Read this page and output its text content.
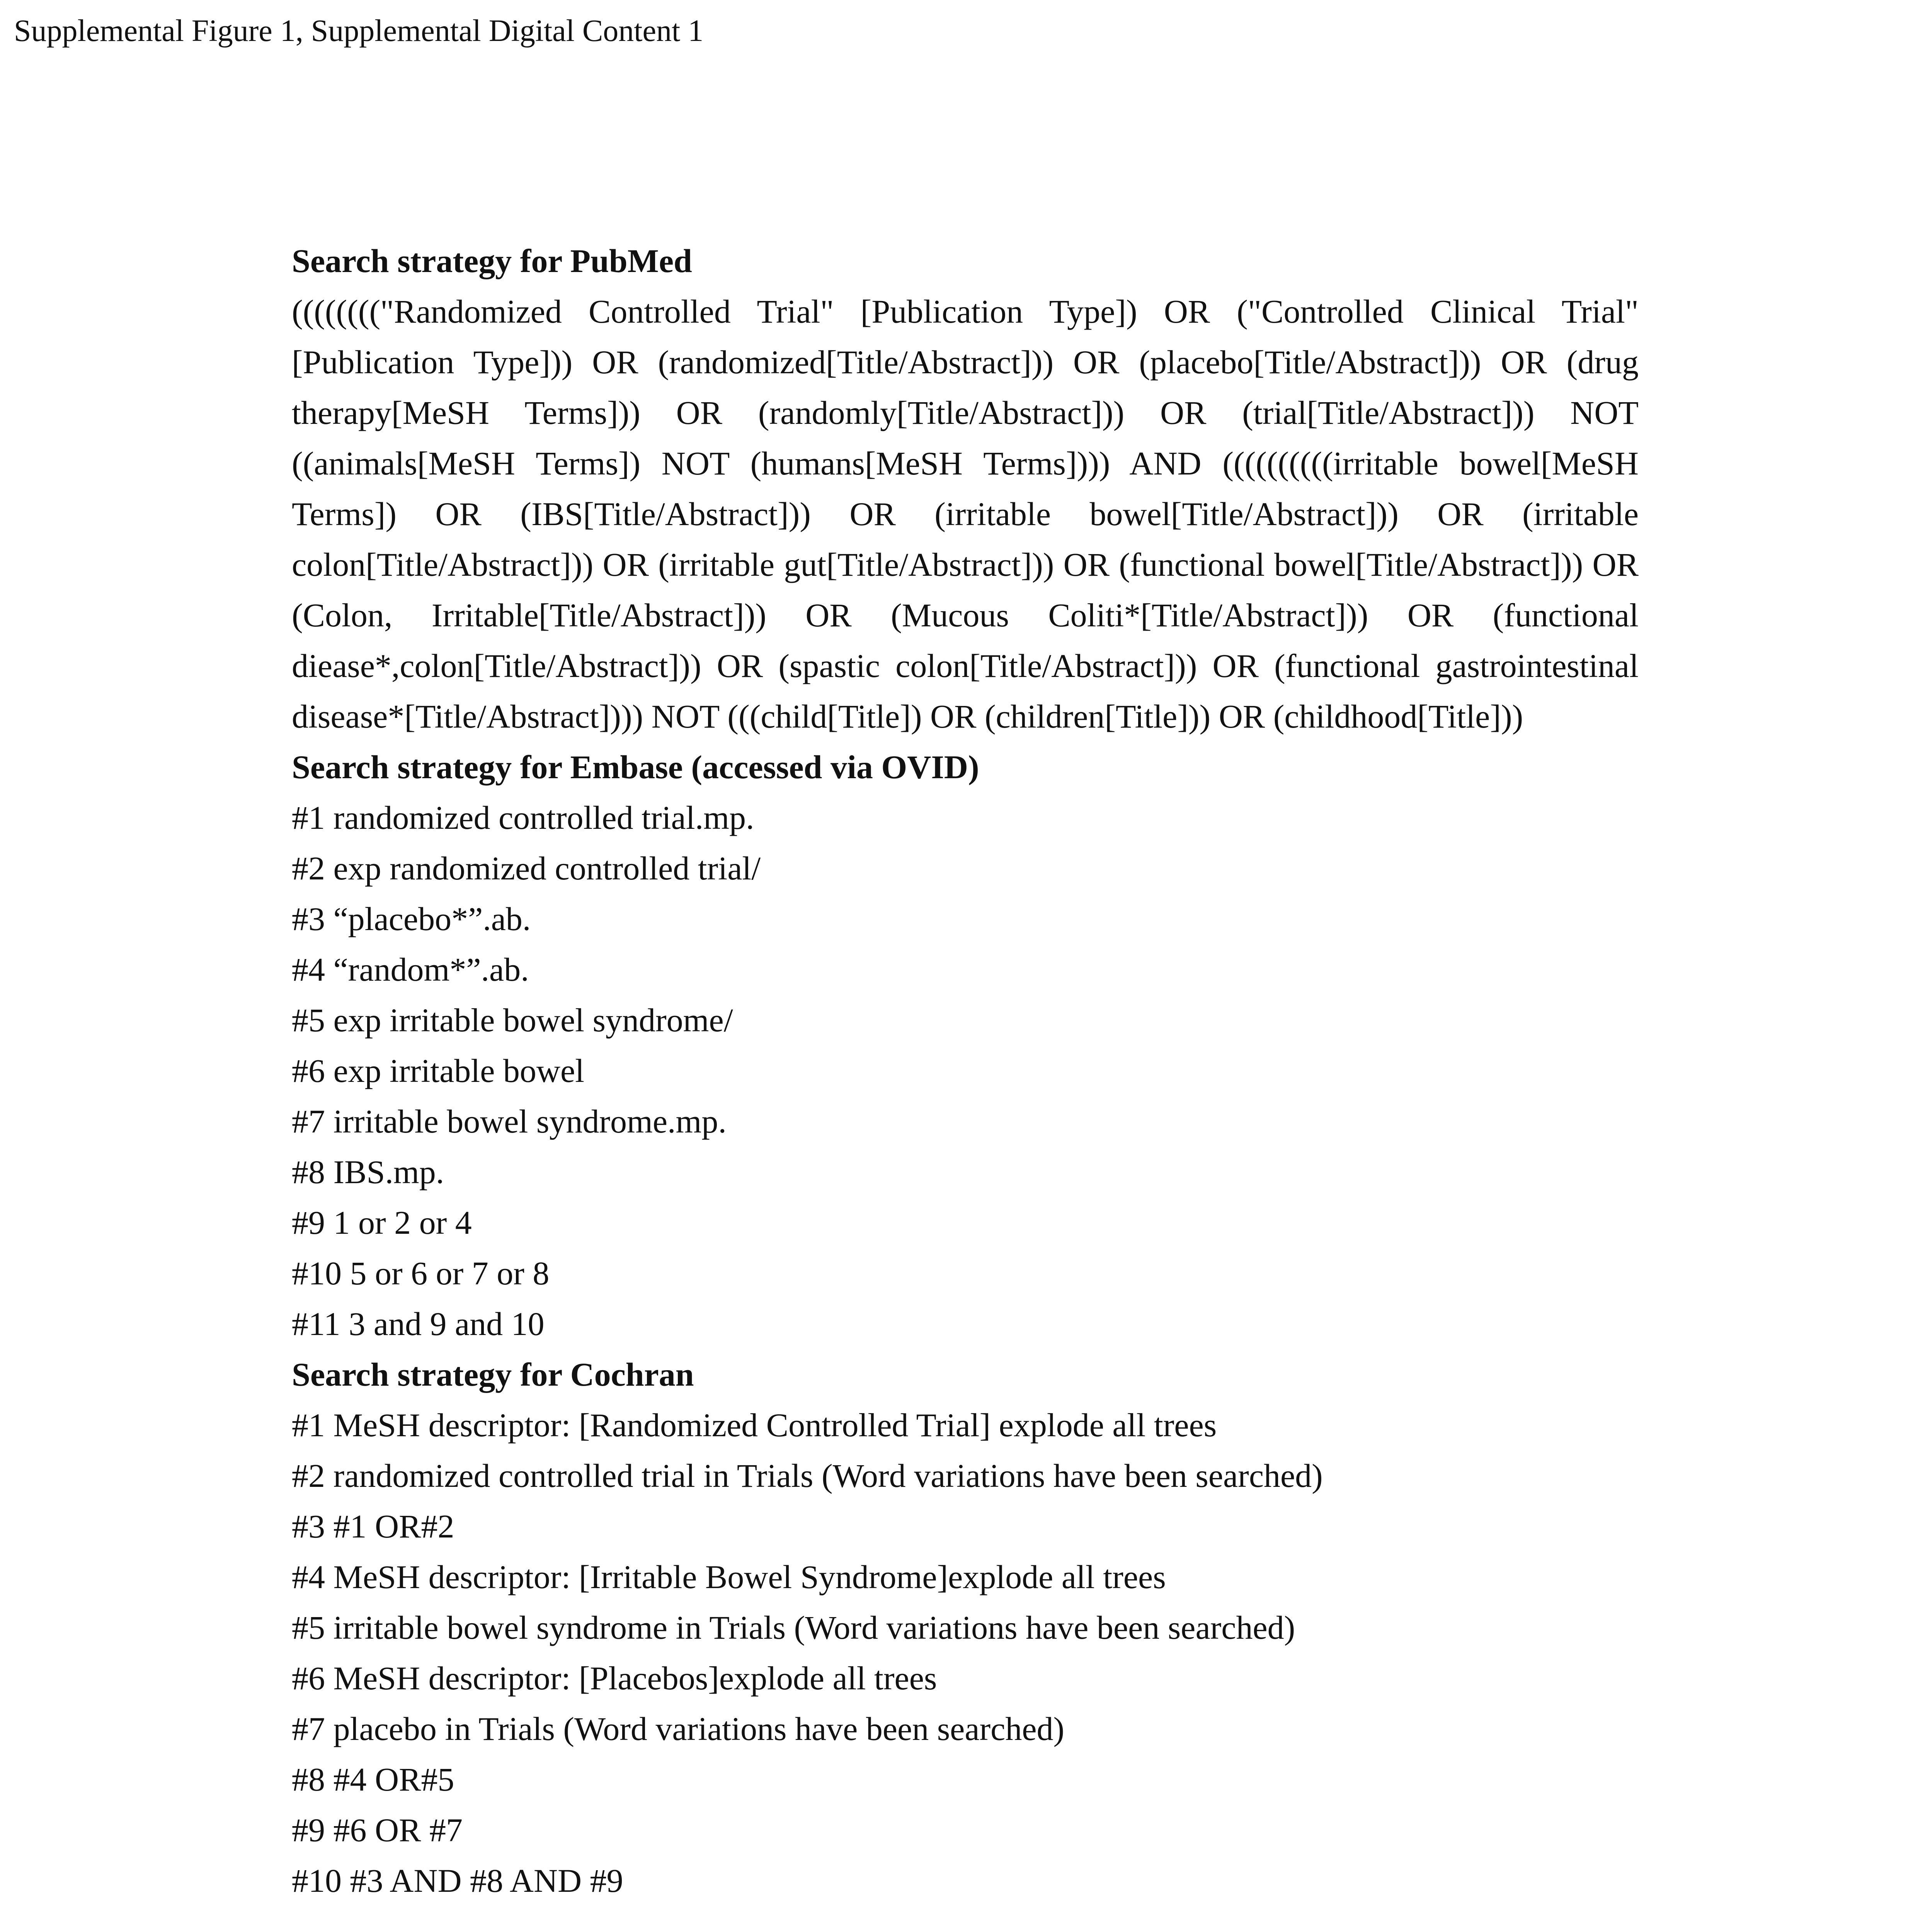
Supplemental Figure 1, Supplemental Digital Content 1

Search strategy for PubMed

(((((((("Randomized Controlled Trial" [Publication Type]) OR ("Controlled Clinical Trial" [Publication Type])) OR (randomized[Title/Abstract])) OR (placebo[Title/Abstract])) OR (drug therapy[MeSH Terms])) OR (randomly[Title/Abstract])) OR (trial[Title/Abstract])) NOT ((animals[MeSH Terms]) NOT (humans[MeSH Terms]))) AND ((((((((((irritable bowel[MeSH Terms]) OR (IBS[Title/Abstract])) OR (irritable bowel[Title/Abstract])) OR (irritable colon[Title/Abstract])) OR (irritable gut[Title/Abstract])) OR (functional bowel[Title/Abstract])) OR (Colon, Irritable[Title/Abstract])) OR (Mucous Coliti*[Title/Abstract])) OR (functional diease*,colon[Title/Abstract])) OR (spastic colon[Title/Abstract])) OR (functional gastrointestinal disease*[Title/Abstract]))) NOT (((child[Title]) OR (children[Title])) OR (childhood[Title]))

Search strategy for Embase (accessed via OVID)

#1 randomized controlled trial.mp.
#2 exp randomized controlled trial/
#3 “placebo*”.ab.
#4 “random*”.ab.
#5 exp irritable bowel syndrome/
#6 exp irritable bowel
#7 irritable bowel syndrome.mp.
#8 IBS.mp.
#9 1 or 2 or 4
#10 5 or 6 or 7 or 8
#11 3 and 9 and 10

Search strategy for Cochran

#1 MeSH descriptor: [Randomized Controlled Trial] explode all trees
#2 randomized controlled trial in Trials (Word variations have been searched)
#3 #1 OR#2
#4 MeSH descriptor: [Irritable Bowel Syndrome]explode all trees
#5 irritable bowel syndrome in Trials (Word variations have been searched)
#6 MeSH descriptor: [Placebos]explode all trees
#7 placebo in Trials (Word variations have been searched)
#8 #4 OR#5
#9 #6 OR #7
#10 #3 AND #8 AND #9
